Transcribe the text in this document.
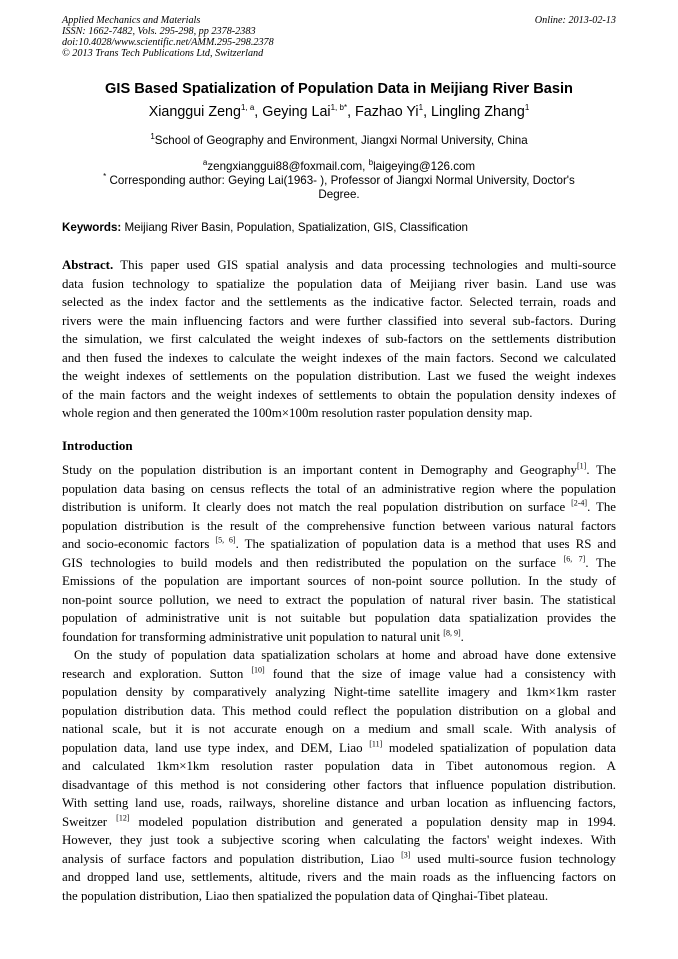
Applied Mechanics and Materials
ISSN: 1662-7482, Vols. 295-298, pp 2378-2383
doi:10.4028/www.scientific.net/AMM.295-298.2378
© 2013 Trans Tech Publications Ltd, Switzerland
Online: 2013-02-13
GIS Based Spatialization of Population Data in Meijiang River Basin
Xianggui Zeng$^{1, a}$, Geying Lai$^{1, b*}$, Fazhao Yi$^1$, Lingling Zhang$^1$
$^1$School of Geography and Environment, Jiangxi Normal University, China
$^a$zengxianggui88@foxmail.com, $^b$laigeying@126.com
* Corresponding author: Geying Lai(1963- ), Professor of Jiangxi Normal University, Doctor's
Degree.
Keywords: Meijiang River Basin, Population, Spatialization, GIS, Classification
Abstract. This paper used GIS spatial analysis and data processing technologies and multi-source
data fusion technology to spatialize the population data of Meijiang river basin. Land use was
selected as the index factor and the settlements as the indicative factor. Selected terrain, roads and
rivers were the main influencing factors and were further classified into several sub-factors. During
the simulation, we first calculated the weight indexes of sub-factors on the settlements distribution
and then fused the indexes to calculate the weight indexes of the main factors. Second we calculated
the weight indexes of settlements on the population distribution. Last we fused the weight indexes
of the main factors and the weight indexes of settlements to obtain the population density indexes of
whole region and then generated the 100m×100m resolution raster population density map.
Introduction
Study on the population distribution is an important content in Demography and Geography[1]. The
population data basing on census reflects the total of an administrative region where the population
distribution is uniform. It clearly does not match the real population distribution on surface [2-4]. The
population distribution is the result of the comprehensive function between various natural factors
and socio-economic factors [5, 6]. The spatialization of population data is a method that uses RS and
GIS technologies to build models and then redistributed the population on the surface [6, 7]. The
Emissions of the population are important sources of non-point source pollution. In the study of
non-point source pollution, we need to extract the population of natural river basin. The statistical
population of administrative unit is not suitable but population data spatialization provides the
foundation for transforming administrative unit population to natural unit [8, 9].
On the study of population data spatialization scholars at home and abroad have done extensive
research and exploration. Sutton [10] found that the size of image value had a consistency with
population density by comparatively analyzing Night-time satellite imagery and 1km×1km raster
population distribution data. This method could reflect the population distribution on a global and
national scale, but it is not accurate enough on a medium and small scale. With analysis of
population data, land use type index, and DEM, Liao [11] modeled spatialization of population data
and calculated 1km×1km resolution raster population data in Tibet autonomous region. A
disadvantage of this method is not considering other factors that influence population distribution.
With setting land use, roads, railways, shoreline distance and urban location as influencing factors,
Sweitzer [12] modeled population distribution and generated a population density map in 1994.
However, they just took a subjective scoring when calculating the factors' weight indexes. With
analysis of surface factors and population distribution, Liao [3] used multi-source fusion technology
and dropped land use, settlements, altitude, rivers and the main roads as the influencing factors on
the population distribution, Liao then spatialized the population data of Qinghai-Tibet plateau.
